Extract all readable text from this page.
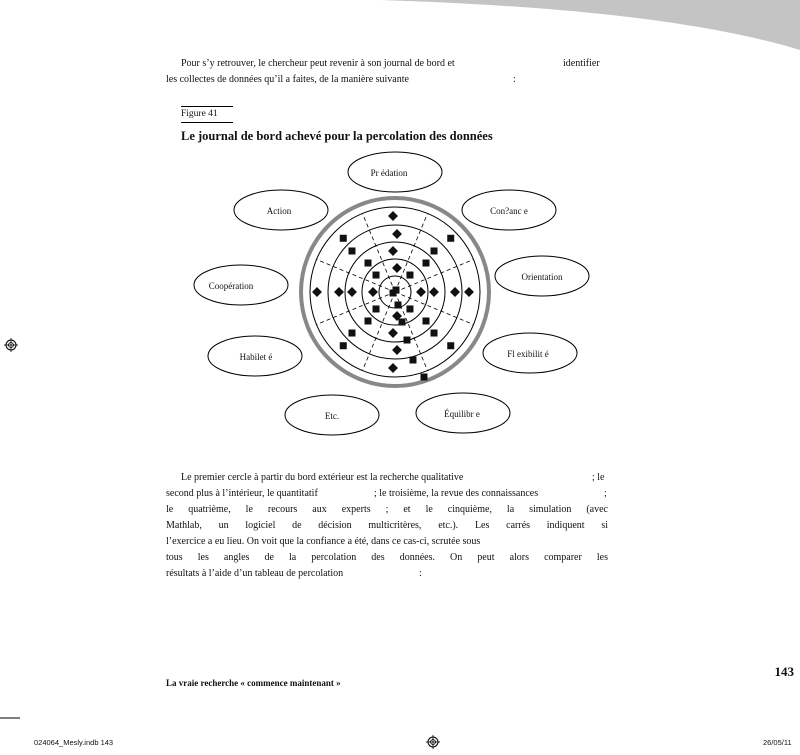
Pour s’y retrouver, le chercheur peut revenir à son journal de bord et	identifier
les collectes de données qu’il a faites, de la manière suivante	:
Figure 41
Le journal de bord achevé pour la percolation des données
Pr édation
Action	Con?anc e
Coopération
Orientation
Habilet é	Fl exibilit é
Etc.	Équilibr e
Le premier cercle à partir du bord extérieur est la recherche qualitative	; le
second plus à l’intérieur, le quantitatif	; le troisième, la revue des connaissances	;
le quatrième, le recours aux experts ; et le cinquième, la simulation (avec
Mathlab, un logiciel de décision multicritères, etc.). Les carrés indiquent si
l’exercice a eu lieu. On voit que la confiance a été, dans ce cas-ci, scrutée sous
tous les angles de la percolation des données. On peut alors comparer les
résultats à l’aide d’un tableau de percolation	:
143
La vraie recherche « commence maintenant »
024064_Mesly.indb 143	26/05/11
